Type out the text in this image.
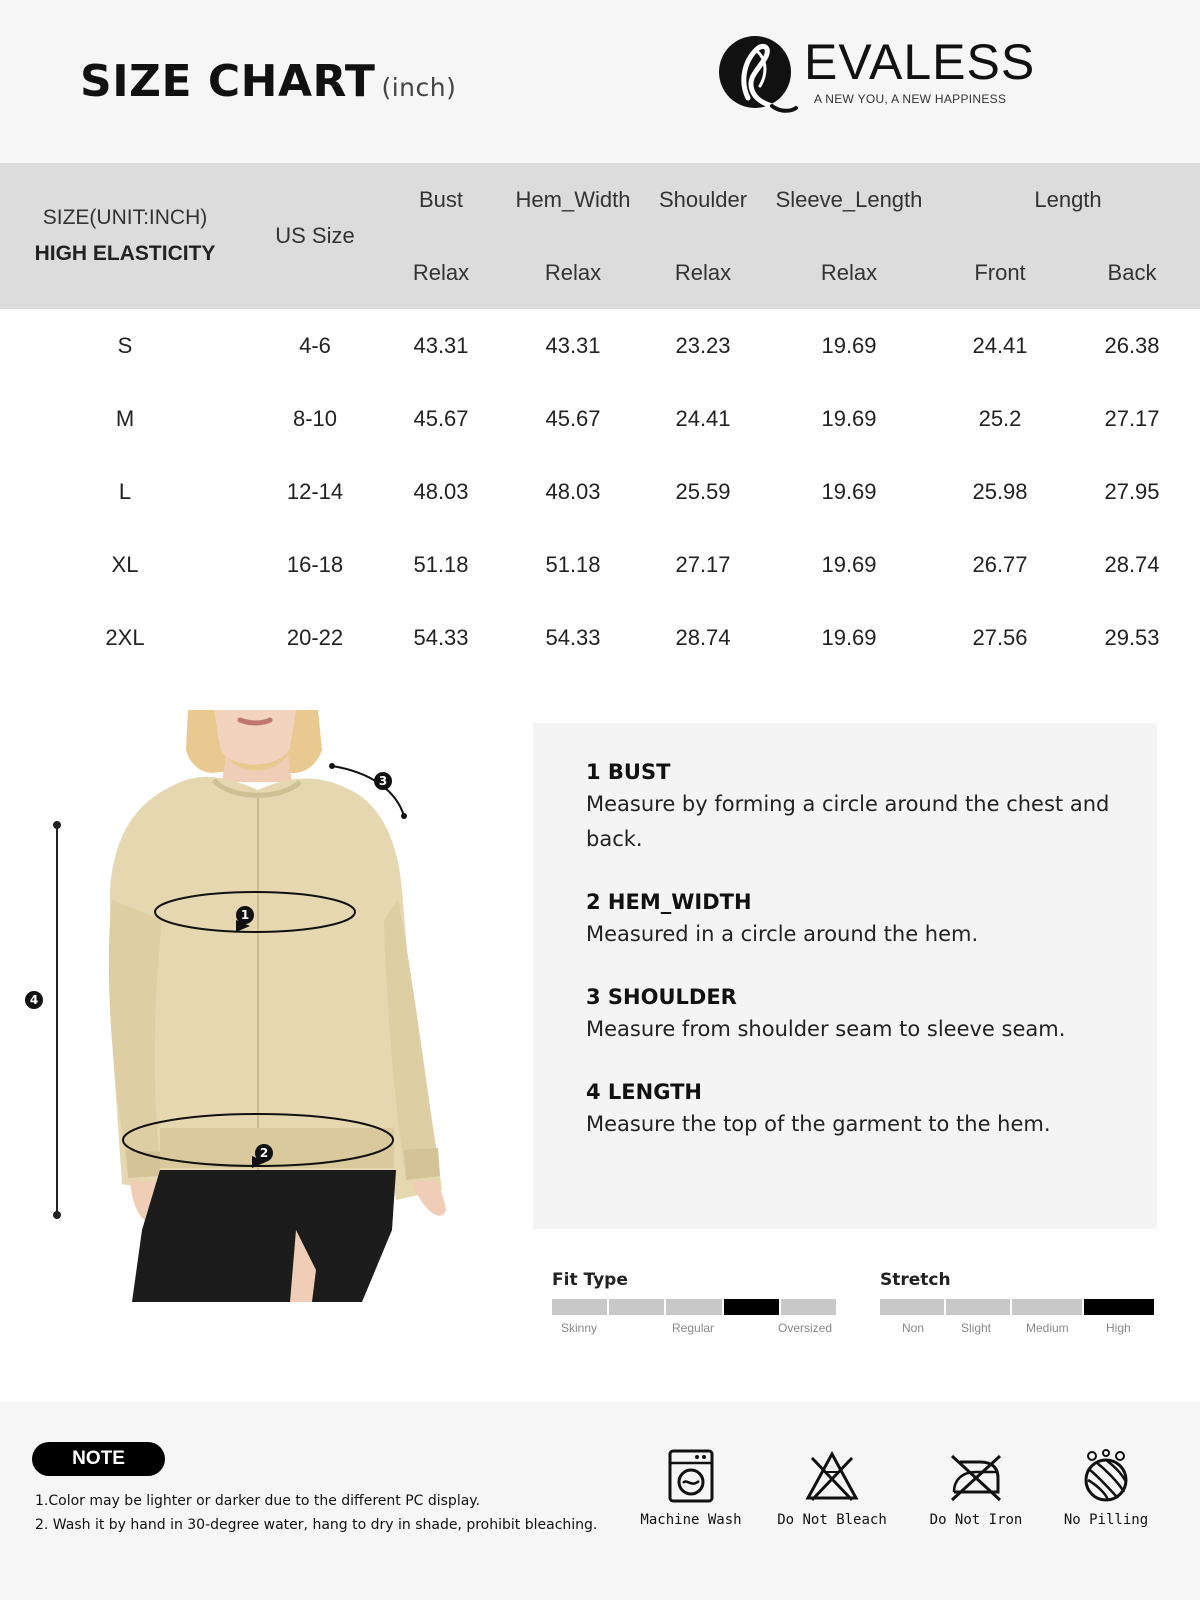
SIZE CHART (inch)	EVALESS
A NEW YOU, A NEW HAPPINESS
SIZE(UNIT:INCH)
HIGH ELASTICITY	US Size	Bust	Hem_Width	Shoulder	Sleeve_Length	Length	
		Relax	Relax	Relax	Relax	Front	Back
S	4-6	43.31	43.31	23.23	19.69	24.41	26.38
M	8-10	45.67	45.67	24.41	19.69	25.2	27.17
L	12-14	48.03	48.03	25.59	19.69	25.98	27.95
XL	16-18	51.18	51.18	27.17	19.69	26.77	28.74
2XL	20-22	54.33	54.33	28.74	19.69	27.56	29.53
1
2
3
4
1 BUST
Measure by forming a circle around the chest and back.
2 HEM_WIDTH
Measured in a circle around the hem.
3 SHOULDER
Measure from shoulder seam to sleeve seam.
4 LENGTH
Measure the top of the garment to the hem.
Fit Type
Skinny	Regular	Oversized
Stretch
Non	Slight	Medium	High
NOTE
1.Color may be lighter or darker due to the different PC display.
2. Wash it by hand in 30-degree water, hang to dry in shade, prohibit bleaching.	Machine Wash	Do Not Bleach	Do Not Iron	No Pilling
